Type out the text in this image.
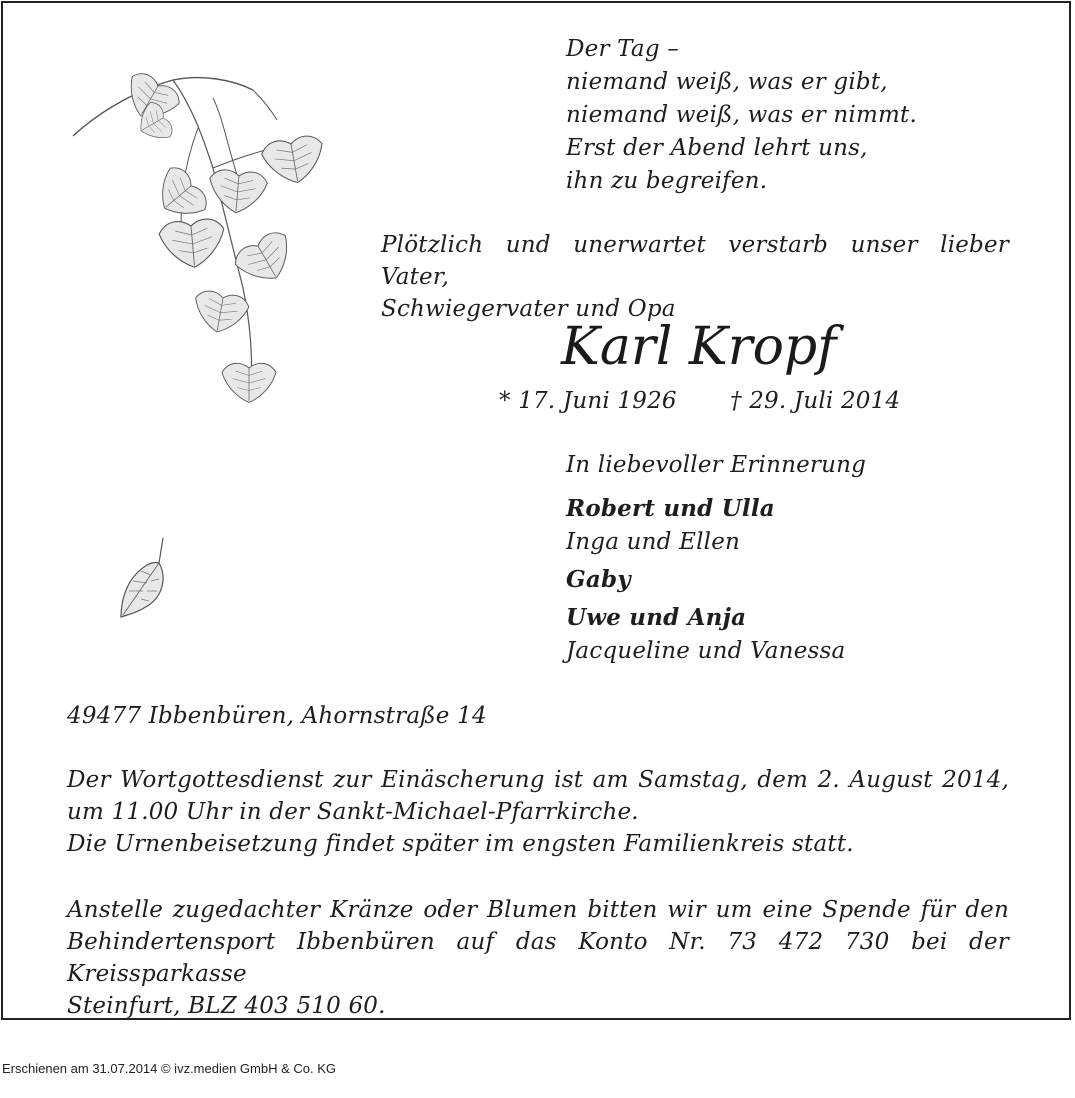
Der Tag –
niemand weiß, was er gibt,
niemand weiß, was er nimmt.
Erst der Abend lehrt uns,
ihn zu begreifen.
Plötzlich und unerwartet verstarb unser lieber Vater,
Schwiegervater und Opa
Karl Kropf
* 17. Juni 1926 † 29. Juli 2014
In liebevoller Erinnerung
Robert und Ulla
Inga und Ellen
Gaby
Uwe und Anja
Jacqueline und Vanessa
49477 Ibbenbüren, Ahornstraße 14
Der Wortgottesdienst zur Einäscherung ist am Samstag, dem 2. August 2014,
um 11.00 Uhr in der Sankt-Michael-Pfarrkirche.
Die Urnenbeisetzung findet später im engsten Familienkreis statt.
Anstelle zugedachter Kränze oder Blumen bitten wir um eine Spende für den
Behindertensport Ibbenbüren auf das Konto Nr. 73 472 730 bei der Kreissparkasse
Steinfurt, BLZ 403 510 60.
Erschienen am 31.07.2014 © ivz.medien GmbH & Co. KG
